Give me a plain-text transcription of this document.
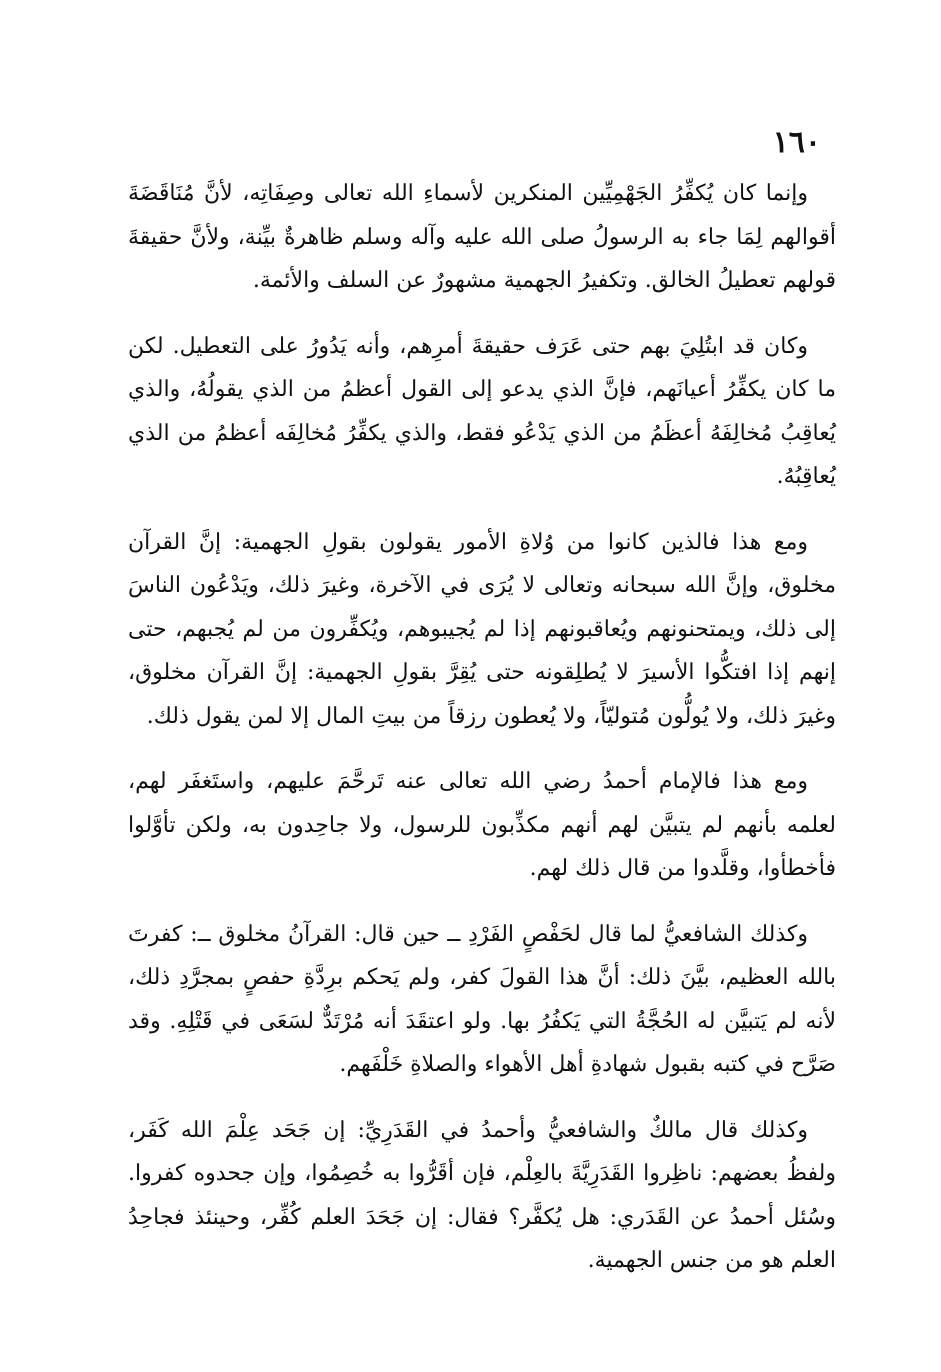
١٦٠

وإنما كان يُكفِّرُ الجَهْمِيِّين المنكرين لأسماءِ الله تعالى وصِفَاتِه، لأنَّ مُنَاقَضَةَ أقوالهم لِمَا جاء به الرسولُ صلى الله عليه وآله وسلم ظاهرةٌ بيِّنة، ولأنَّ حقيقةَ قولهم تعطيلُ الخالق. وتكفيرُ الجهمية مشهورٌ عن السلف والأئمة.

وكان قد ابتُلِيَ بهم حتى عَرَف حقيقةَ أمرِهم، وأنه يَدُورُ على التعطيل. لكن ما كان يكفِّرُ أعيانَهم، فإنَّ الذي يدعو إلى القول أعظمُ من الذي يقولُهُ، والذي يُعاقِبُ مُخالِفَهُ أعظَمُ من الذي يَدْعُو فقط، والذي يكفِّرُ مُخالِفَه أعظمُ من الذي يُعاقِبُهُ.

ومع هذا فالذين كانوا من وُلاةِ الأمور يقولون بقولِ الجهمية: إنَّ القرآن مخلوق، وإنَّ الله سبحانه وتعالى لا يُرَى في الآخرة، وغيرَ ذلك، ويَدْعُون الناسَ إلى ذلك، ويمتحنونهم ويُعاقبونهم إذا لم يُجيبوهم، ويُكفِّرون من لم يُجبهم، حتى إنهم إذا افتكُّوا الأسيرَ لا يُطلِقونه حتى يُقِرَّ بقولِ الجهمية: إنَّ القرآن مخلوق، وغيرَ ذلك، ولا يُولُّون مُتوليّاً، ولا يُعطون رزقاً من بيتِ المال إلا لمن يقول ذلك.

ومع هذا فالإمام أحمدُ رضي الله تعالى عنه تَرحَّمَ عليهم، واستَغفَر لهم، لعلمه بأنهم لم يتبيَّن لهم أنهم مكذِّبون للرسول، ولا جاحِدون به، ولكن تأوَّلوا فأخطأوا، وقلَّدوا من قال ذلك لهم.

وكذلك الشافعيُّ لما قال لحَفْصٍ الفَرْدِ ــ حين قال: القرآنُ مخلوق ــ: كفرتَ بالله العظيم، بيَّنَ ذلك: أنَّ هذا القولَ كفر، ولم يَحكم برِدَّةِ حفصٍ بمجرَّدِ ذلك، لأنه لم يَتبيَّن له الحُجَّةُ التي يَكفُرُ بها. ولو اعتقَدَ أنه مُرْتَدٌّ لسَعَى في قَتْلِهِ. وقد صَرَّح في كتبه بقبول شهادةِ أهل الأهواء والصلاةِ خَلْفَهم.

وكذلك قال مالكٌ والشافعيُّ وأحمدُ في القَدَرِيِّ: إن جَحَد عِلْمَ الله كَفَر، ولفظُ بعضهم: ناظِروا القَدَرِيَّةَ بالعِلْم، فإن أقَرُّوا به خُصِمُوا، وإن جحدوه كفروا. وسُئل أحمدُ عن القَدَري: هل يُكفَّر؟ فقال: إن جَحَدَ العلم كُفِّر، وحينئذ فجاحِدُ العلم هو من جنس الجهمية.
